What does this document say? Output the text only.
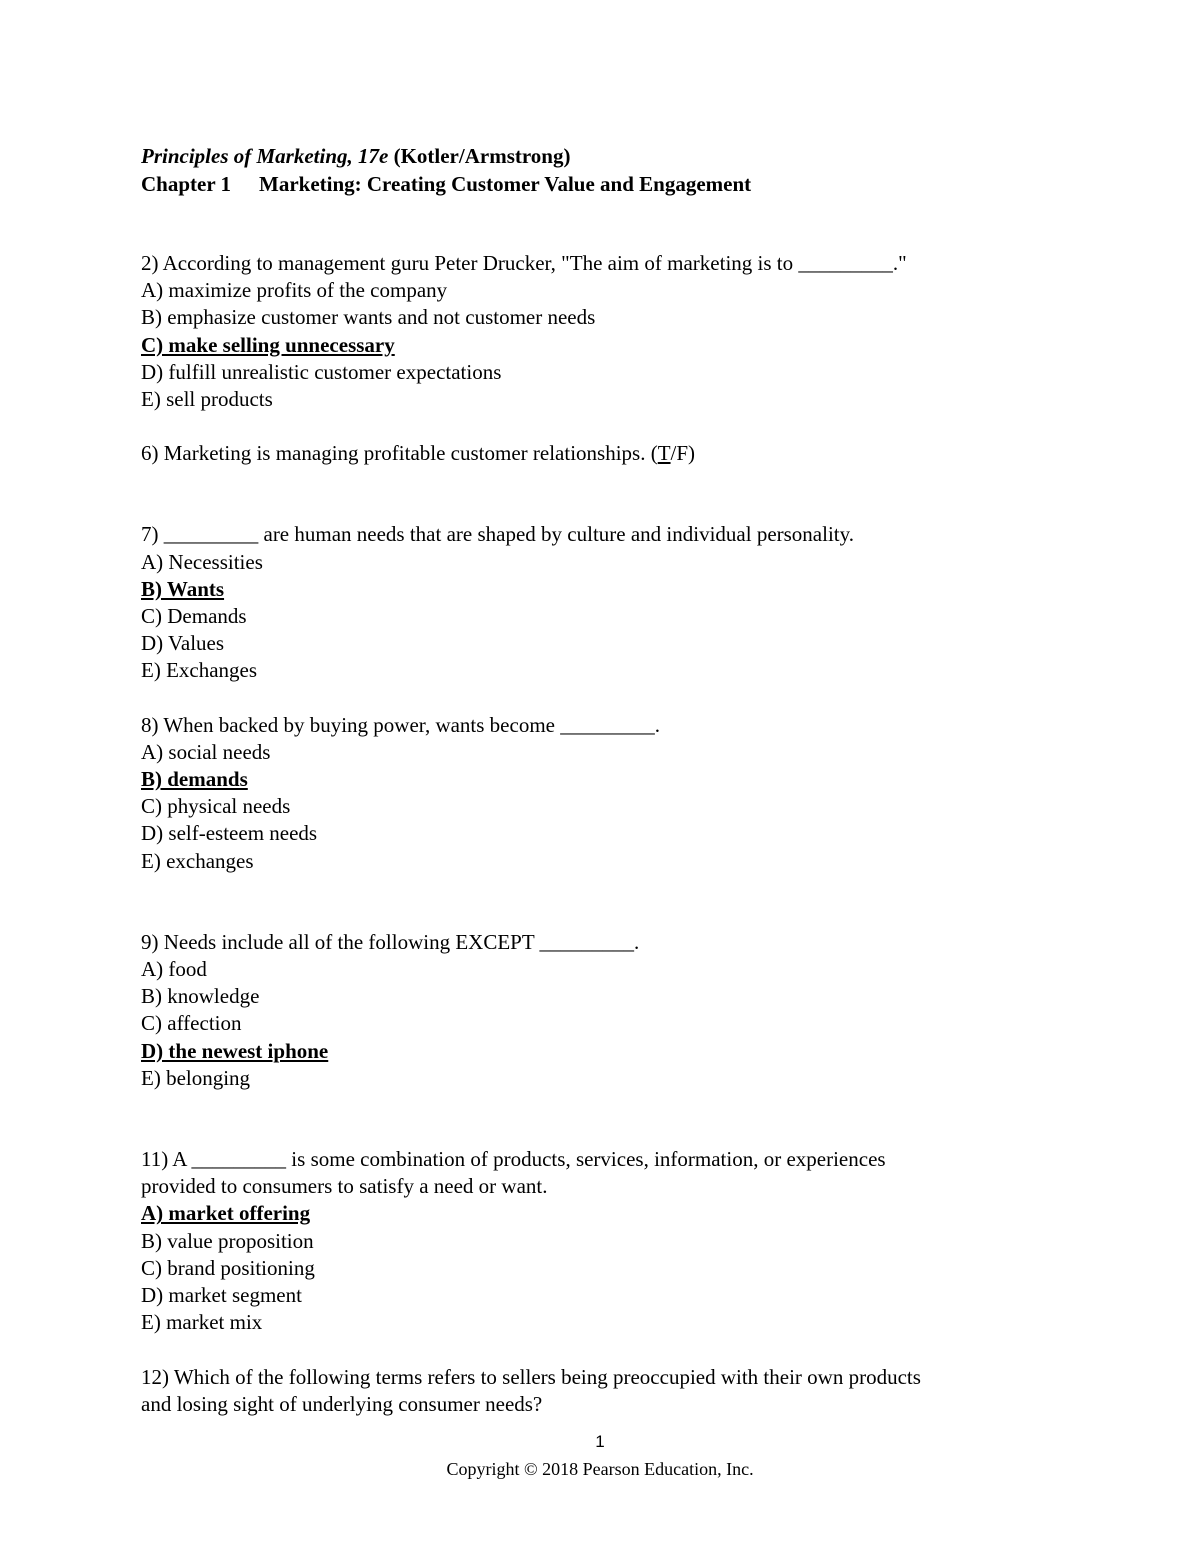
Principles of Marketing, 17e (Kotler/Armstrong)
Chapter 1 Marketing: Creating Customer Value and Engagement
2) According to management guru Peter Drucker, "The aim of marketing is to _________."
A) maximize profits of the company
B) emphasize customer wants and not customer needs
C) make selling unnecessary
D) fulfill unrealistic customer expectations
E) sell products
6) Marketing is managing profitable customer relationships. (T/F)
7) _________ are human needs that are shaped by culture and individual personality.
A) Necessities
B) Wants
C) Demands
D) Values
E) Exchanges
8) When backed by buying power, wants become _________.
A) social needs
B) demands
C) physical needs
D) self-esteem needs
E) exchanges
9) Needs include all of the following EXCEPT _________.
A) food
B) knowledge
C) affection
D) the newest iphone
E) belonging
11) A _________ is some combination of products, services, information, or experiences
provided to consumers to satisfy a need or want.
A) market offering
B) value proposition
C) brand positioning
D) market segment
E) market mix
12) Which of the following terms refers to sellers being preoccupied with their own products
and losing sight of underlying consumer needs?
1
Copyright © 2018 Pearson Education, Inc.
